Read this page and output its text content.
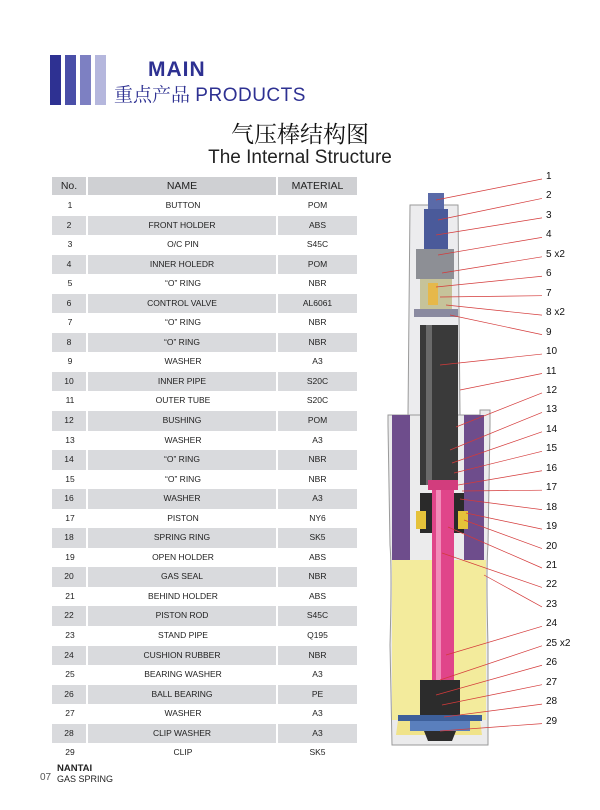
MAIN
重点产品 PRODUCTS
气压棒结构图
The Internal Structure
No.	NAME	MATERIAL
1	BUTTON	POM
2	FRONT HOLDER	ABS
3	O/C PIN	S45C
4	INNER HOLEDR	POM
5	“O” RING	NBR
6	CONTROL VALVE	AL6061
7	“O” RING	NBR
8	“O” RING	NBR
9	WASHER	A3
10	INNER PIPE	S20C
11	OUTER TUBE	S20C
12	BUSHING	POM
13	WASHER	A3
14	“O” RING	NBR
15	“O” RING	NBR
16	WASHER	A3
17	PISTON	NY6
18	SPRING RING	SK5
19	OPEN HOLDER	ABS
20	GAS SEAL	NBR
21	BEHIND HOLDER	ABS
22	PISTON ROD	S45C
23	STAND PIPE	Q195
24	CUSHION RUBBER	NBR
25	BEARING WASHER	A3
26	BALL BEARING	PE
27	WASHER	A3
28	CLIP WASHER	A3
29	CLIP	SK5
1
2
3
4
5 x2
6
7
8 x2
9
10
11
12
13
14
15
16
17
18
19
20
21
22
23
24
25 x2
26
27
28
29
07
NANTAI
GAS SPRING
